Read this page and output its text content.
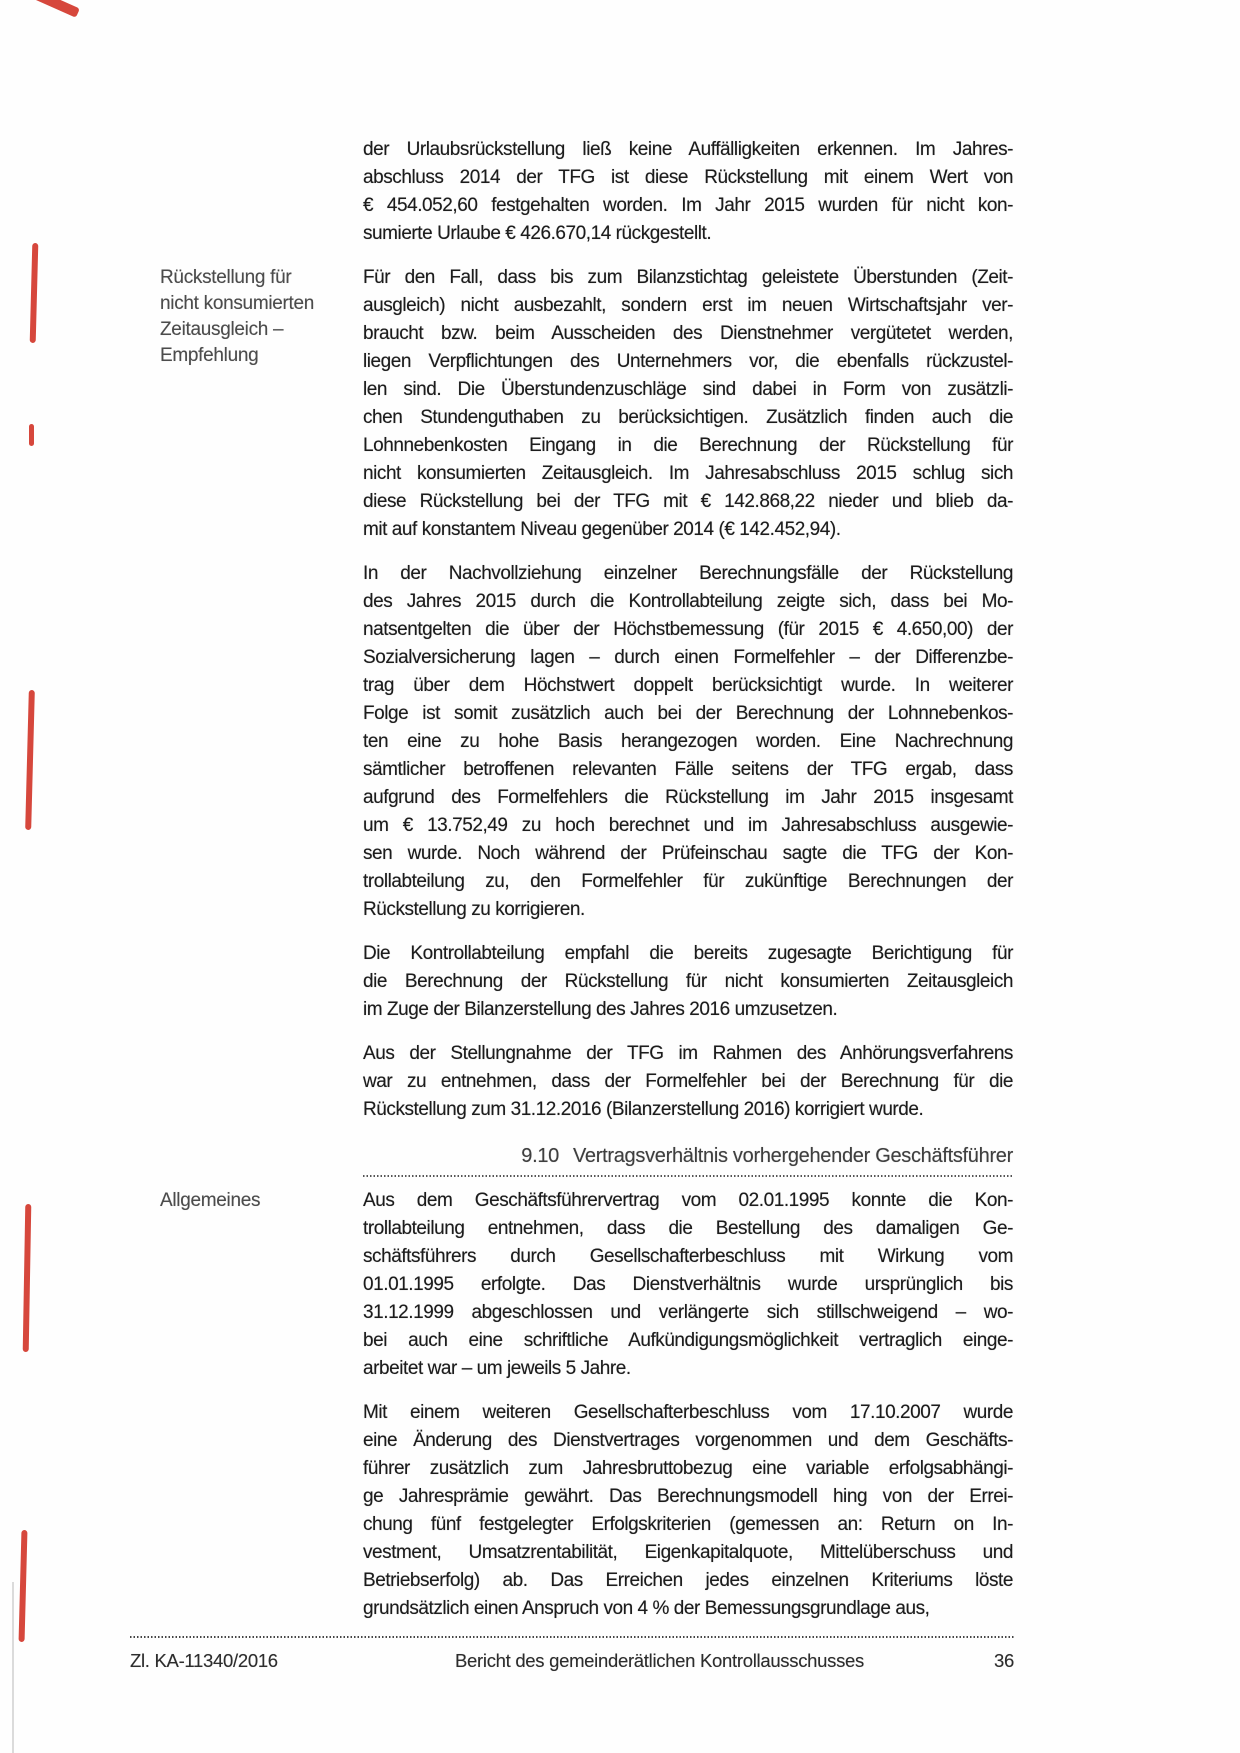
der Urlaubsrückstellung ließ keine Auffälligkeiten erkennen. Im Jahres-
abschluss 2014 der TFG ist diese Rückstellung mit einem Wert von
€ 454.052,60 festgehalten worden. Im Jahr 2015 wurden für nicht kon-
sumierte Urlaube € 426.670,14 rückgestellt.
Rückstellung für
nicht konsumierten
Zeitausgleich –
Empfehlung
Für den Fall, dass bis zum Bilanzstichtag geleistete Überstunden (Zeit-
ausgleich) nicht ausbezahlt, sondern erst im neuen Wirtschaftsjahr ver-
braucht bzw. beim Ausscheiden des Dienstnehmer vergütetet werden,
liegen Verpflichtungen des Unternehmers vor, die ebenfalls rückzustel-
len sind. Die Überstundenzuschläge sind dabei in Form von zusätzli-
chen Stundenguthaben zu berücksichtigen. Zusätzlich finden auch die
Lohnnebenkosten Eingang in die Berechnung der Rückstellung für
nicht konsumierten Zeitausgleich. Im Jahresabschluss 2015 schlug sich
diese Rückstellung bei der TFG mit € 142.868,22 nieder und blieb da-
mit auf konstantem Niveau gegenüber 2014 (€ 142.452,94).
In der Nachvollziehung einzelner Berechnungsfälle der Rückstellung
des Jahres 2015 durch die Kontrollabteilung zeigte sich, dass bei Mo-
natsentgelten die über der Höchstbemessung (für 2015 € 4.650,00) der
Sozialversicherung lagen – durch einen Formelfehler – der Differenzbe-
trag über dem Höchstwert doppelt berücksichtigt wurde. In weiterer
Folge ist somit zusätzlich auch bei der Berechnung der Lohnnebenkos-
ten eine zu hohe Basis herangezogen worden. Eine Nachrechnung
sämtlicher betroffenen relevanten Fälle seitens der TFG ergab, dass
aufgrund des Formelfehlers die Rückstellung im Jahr 2015 insgesamt
um € 13.752,49 zu hoch berechnet und im Jahresabschluss ausgewie-
sen wurde. Noch während der Prüfeinschau sagte die TFG der Kon-
trollabteilung zu, den Formelfehler für zukünftige Berechnungen der
Rückstellung zu korrigieren.
Die Kontrollabteilung empfahl die bereits zugesagte Berichtigung für
die Berechnung der Rückstellung für nicht konsumierten Zeitausgleich
im Zuge der Bilanzerstellung des Jahres 2016 umzusetzen.
Aus der Stellungnahme der TFG im Rahmen des Anhörungsverfahrens
war zu entnehmen, dass der Formelfehler bei der Berechnung für die
Rückstellung zum 31.12.2016 (Bilanzerstellung 2016) korrigiert wurde.
9.10 Vertragsverhältnis vorhergehender Geschäftsführer
Allgemeines	Aus dem Geschäftsführervertrag vom 02.01.1995 konnte die Kon-
trollabteilung entnehmen, dass die Bestellung des damaligen Ge-
schäftsführers durch Gesellschafterbeschluss mit Wirkung vom
01.01.1995 erfolgte. Das Dienstverhältnis wurde ursprünglich bis
31.12.1999 abgeschlossen und verlängerte sich stillschweigend – wo-
bei auch eine schriftliche Aufkündigungsmöglichkeit vertraglich einge-
arbeitet war – um jeweils 5 Jahre.
Mit einem weiteren Gesellschafterbeschluss vom 17.10.2007 wurde
eine Änderung des Dienstvertrages vorgenommen und dem Geschäfts-
führer zusätzlich zum Jahresbruttobezug eine variable erfolgsabhängi-
ge Jahresprämie gewährt. Das Berechnungsmodell hing von der Errei-
chung fünf festgelegter Erfolgskriterien (gemessen an: Return on In-
vestment, Umsatzrentabilität, Eigenkapitalquote, Mittelüberschuss und
Betriebserfolg) ab. Das Erreichen jedes einzelnen Kriteriums löste
grundsätzlich einen Anspruch von 4 % der Bemessungsgrundlage aus,
Zl. KA-11340/2016	Bericht des gemeinderätlichen Kontrollausschusses	36
